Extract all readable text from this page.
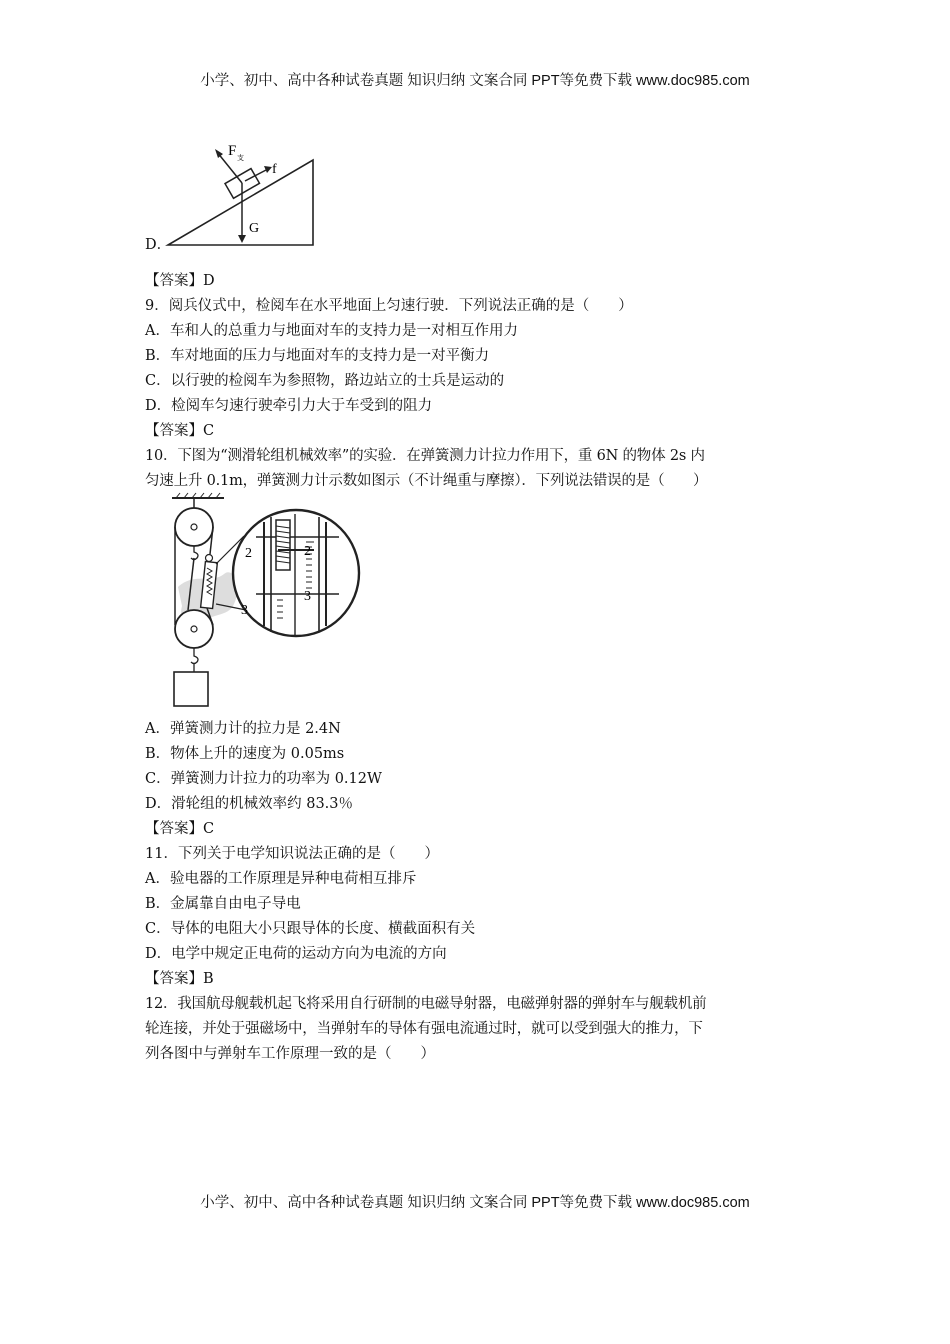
小学、初中、高中各种试卷真题 知识归纳 文案合同 PPT等免费下载 www.doc985.com
F 支
f
G
D．
【答案】D
9．阅兵仪式中，检阅车在水平地面上匀速行驶．下列说法正确的是（　　）
A．车和人的总重力与地面对车的支持力是一对相互作用力
B．车对地面的压力与地面对车的支持力是一对平衡力
C．以行驶的检阅车为参照物，路边站立的士兵是运动的
D．检阅车匀速行驶牵引力大于车受到的阻力
【答案】C
10．下图为“测滑轮组机械效率”的实验．在弹簧测力计拉力作用下，重 6N 的物体 2s 内
匀速上升 0.1m，弹簧测力计示数如图示（不计绳重与摩擦）．下列说法错误的是（　　）
2
3
2
3
A．弹簧测力计的拉力是 2.4N
B．物体上升的速度为 0.05ms
C．弹簧测力计拉力的功率为 0.12W
D．滑轮组的机械效率约 83.3％
【答案】C
11．下列关于电学知识说法正确的是（　　）
A．验电器的工作原理是异种电荷相互排斥
B．金属靠自由电子导电
C．导体的电阻大小只跟导体的长度、横截面积有关
D．电学中规定正电荷的运动方向为电流的方向
【答案】B
12．我国航母舰载机起飞将采用自行研制的电磁导射器，电磁弹射器的弹射车与舰载机前
轮连接，并处于强磁场中，当弹射车的导体有强电流通过时，就可以受到强大的推力，下
列各图中与弹射车工作原理一致的是（　　）
小学、初中、高中各种试卷真题 知识归纳 文案合同 PPT等免费下载 www.doc985.com
